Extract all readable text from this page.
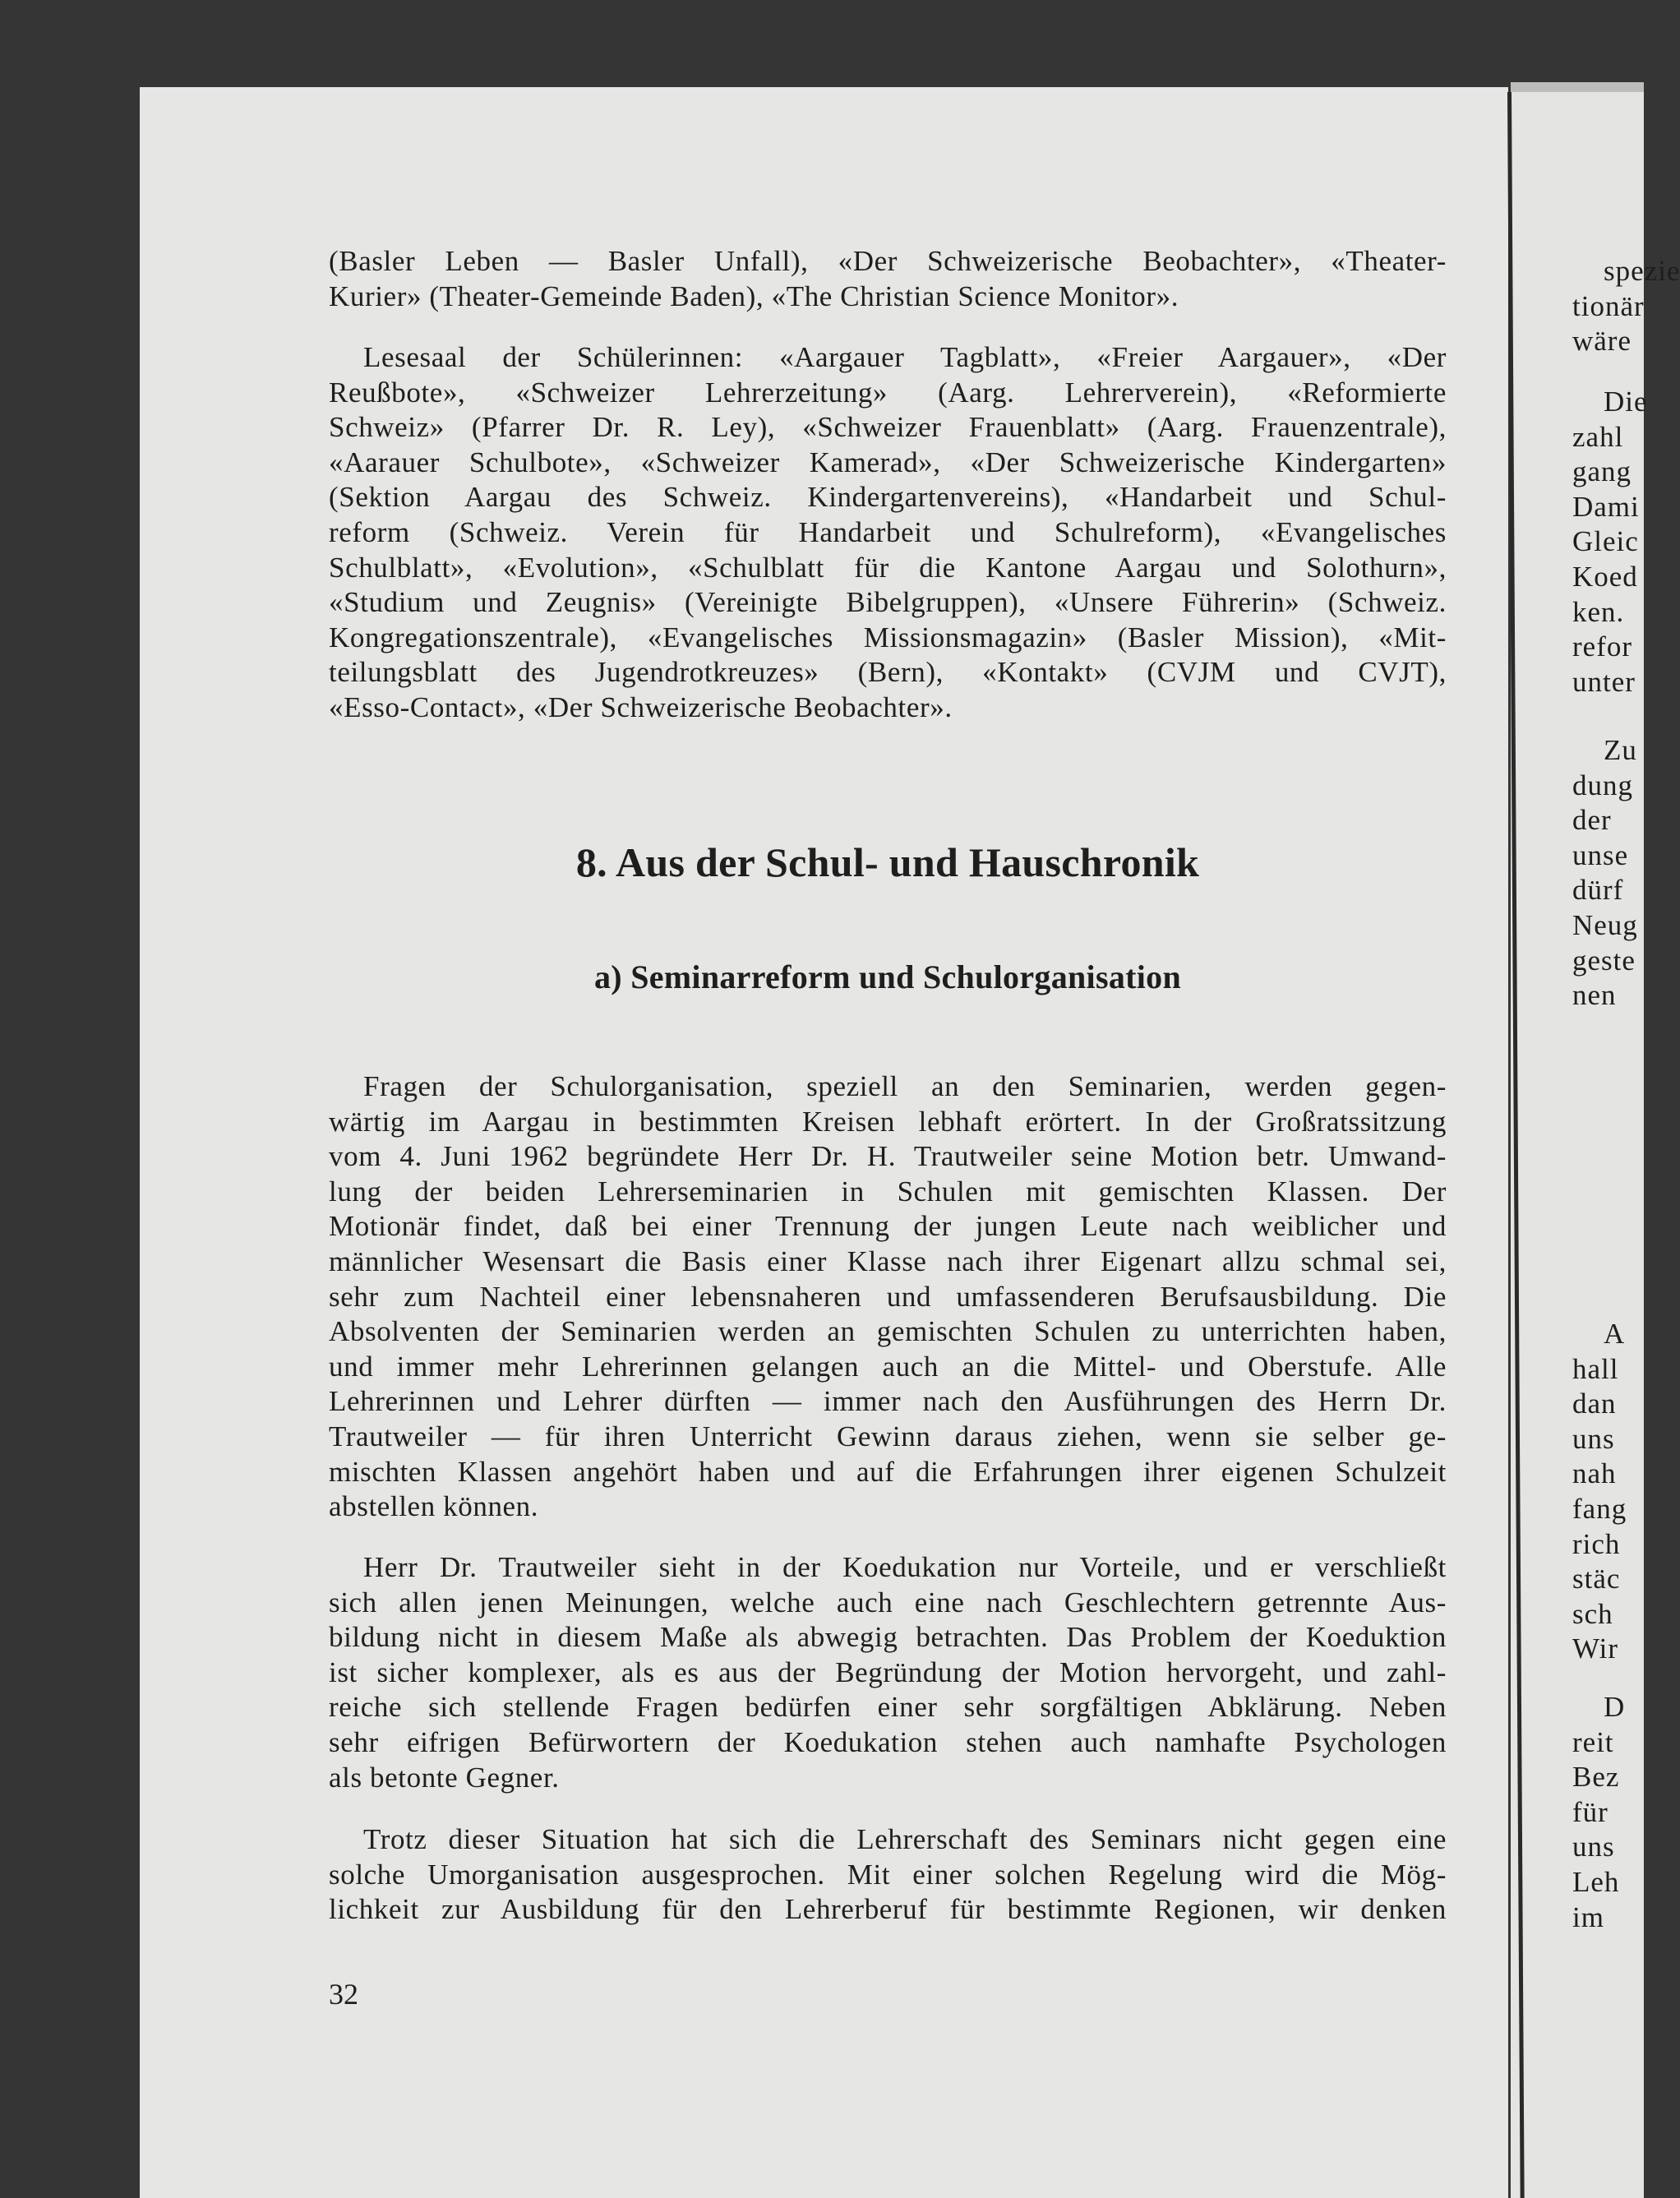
spezie
tionär
wäre
Die
zahl
gang
Dami
Gleic
Koed
ken.
refor
unter
Zu
dung
der
unse
dürf
Neug
geste
nen
A
hall
dan
uns
nah
fang
rich
stäc
sch
Wir
D
reit
Bez
für
uns
Leh
im
(Basler Leben — Basler Unfall), «Der Schweizerische Beobachter», «Theater-
Kurier» (Theater-Gemeinde Baden), «The Christian Science Monitor».
Lesesaal der Schülerinnen: «Aargauer Tagblatt», «Freier Aargauer», «Der
Reußbote», «Schweizer Lehrerzeitung» (Aarg. Lehrerverein), «Reformierte
Schweiz» (Pfarrer Dr. R. Ley), «Schweizer Frauenblatt» (Aarg. Frauenzentrale),
«Aarauer Schulbote», «Schweizer Kamerad», «Der Schweizerische Kindergarten»
(Sektion Aargau des Schweiz. Kindergartenvereins), «Handarbeit und Schul-
reform (Schweiz. Verein für Handarbeit und Schulreform), «Evangelisches
Schulblatt», «Evolution», «Schulblatt für die Kantone Aargau und Solothurn»,
«Studium und Zeugnis» (Vereinigte Bibelgruppen), «Unsere Führerin» (Schweiz.
Kongregationszentrale), «Evangelisches Missionsmagazin» (Basler Mission), «Mit-
teilungsblatt des Jugendrotkreuzes» (Bern), «Kontakt» (CVJM und CVJT),
«Esso-Contact», «Der Schweizerische Beobachter».
Fragen der Schulorganisation, speziell an den Seminarien, werden gegen-
wärtig im Aargau in bestimmten Kreisen lebhaft erörtert. In der Großratssitzung
vom 4. Juni 1962 begründete Herr Dr. H. Trautweiler seine Motion betr. Umwand-
lung der beiden Lehrerseminarien in Schulen mit gemischten Klassen. Der
Motionär findet, daß bei einer Trennung der jungen Leute nach weiblicher und
männlicher Wesensart die Basis einer Klasse nach ihrer Eigenart allzu schmal sei,
sehr zum Nachteil einer lebensnaheren und umfassenderen Berufsausbildung. Die
Absolventen der Seminarien werden an gemischten Schulen zu unterrichten haben,
und immer mehr Lehrerinnen gelangen auch an die Mittel- und Oberstufe. Alle
Lehrerinnen und Lehrer dürften — immer nach den Ausführungen des Herrn Dr.
Trautweiler — für ihren Unterricht Gewinn daraus ziehen, wenn sie selber ge-
mischten Klassen angehört haben und auf die Erfahrungen ihrer eigenen Schulzeit
abstellen können.
Herr Dr. Trautweiler sieht in der Koedukation nur Vorteile, und er verschließt
sich allen jenen Meinungen, welche auch eine nach Geschlechtern getrennte Aus-
bildung nicht in diesem Maße als abwegig betrachten. Das Problem der Koeduktion
ist sicher komplexer, als es aus der Begründung der Motion hervorgeht, und zahl-
reiche sich stellende Fragen bedürfen einer sehr sorgfältigen Abklärung. Neben
sehr eifrigen Befürwortern der Koedukation stehen auch namhafte Psychologen
als betonte Gegner.
Trotz dieser Situation hat sich die Lehrerschaft des Seminars nicht gegen eine
solche Umorganisation ausgesprochen. Mit einer solchen Regelung wird die Mög-
lichkeit zur Ausbildung für den Lehrerberuf für bestimmte Regionen, wir denken
8. Aus der Schul- und Hauschronik
a) Seminarreform und Schulorganisation
32
